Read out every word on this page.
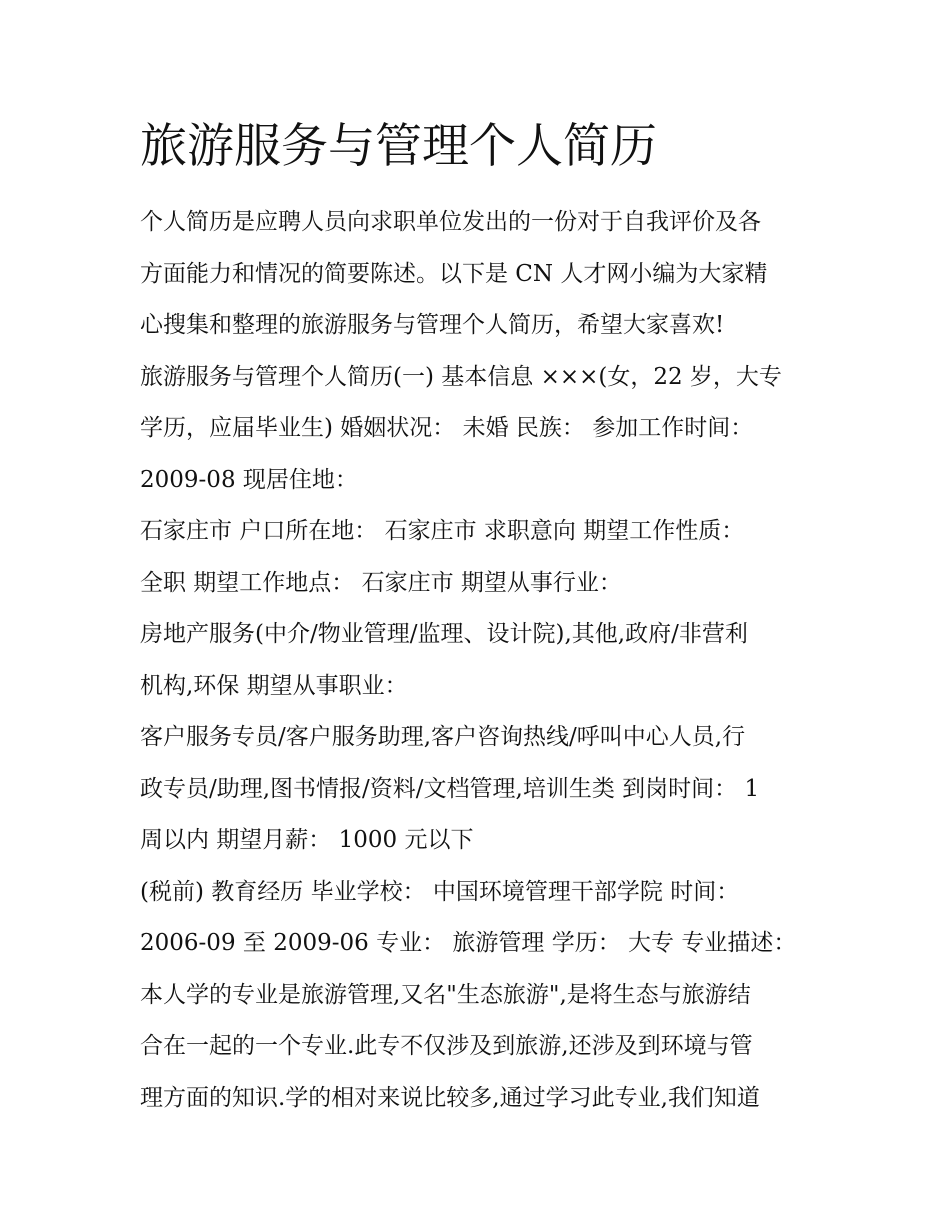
旅游服务与管理个人简历

个人简历是应聘人员向求职单位发出的一份对于自我评价及各

方面能力和情况的简要陈述。以下是 CN 人才网小编为大家精

心搜集和整理的旅游服务与管理个人简历，希望大家喜欢!

旅游服务与管理个人简历(一) 基本信息 ×××(女，22 岁，大专

学历，应届毕业生) 婚姻状况： 未婚 民族： 参加工作时间：

2009-08 现居住地：

石家庄市 户口所在地： 石家庄市 求职意向 期望工作性质：

全职 期望工作地点： 石家庄市 期望从事行业：

房地产服务(中介/物业管理/监理、设计院),其他,政府/非营利

机构,环保 期望从事职业：

客户服务专员/客户服务助理,客户咨询热线/呼叫中心人员,行

政专员/助理,图书情报/资料/文档管理,培训生类 到岗时间： 1

周以内 期望月薪： 1000 元以下

(税前) 教育经历 毕业学校： 中国环境管理干部学院 时间：

2006-09 至 2009-06 专业： 旅游管理 学历： 大专 专业描述：

本人学的专业是旅游管理,又名"生态旅游",是将生态与旅游结

合在一起的一个专业.此专不仅涉及到旅游,还涉及到环境与管

理方面的知识.学的相对来说比较多,通过学习此专业,我们知道
